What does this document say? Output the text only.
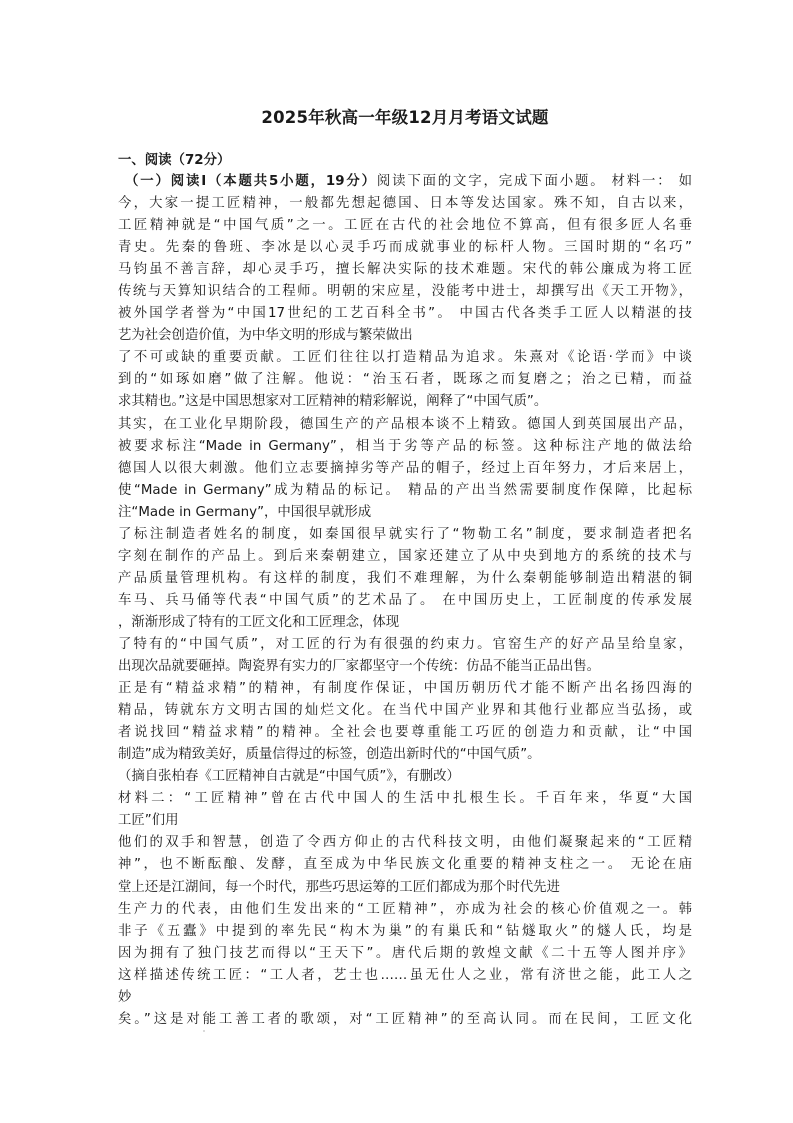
2025年秋高一年级12月月考语文试题
一、阅读（72分）
（一）阅读Ⅰ（本题共5小题，19分）阅读下面的文字，完成下面小题。 材料一： 如
今，大家一提工匠精神，一般都先想起德国、日本等发达国家。殊不知，自古以来，
工匠精神就是“中国气质”之一。工匠在古代的社会地位不算高，但有很多匠人名垂
青史。先秦的鲁班、李冰是以心灵手巧而成就事业的标杆人物。三国时期的“名巧”
马钧虽不善言辞，却心灵手巧，擅长解决实际的技术难题。宋代的韩公廉成为将工匠
传统与天算知识结合的工程师。明朝的宋应星，没能考中进士，却撰写出《天工开物》，
被外国学者誉为“中国17世纪的工艺百科全书”。 中国古代各类手工匠人以精湛的技
艺为社会创造价值，为中华文明的形成与繁荣做出
了不可或缺的重要贡献。工匠们往往以打造精品为追求。朱熹对《论语·学而》中谈
到的“如琢如磨”做了注解。他说：“治玉石者，既琢之而复磨之；治之已精，而益
求其精也。”这是中国思想家对工匠精神的精彩解说，阐释了“中国气质”。
其实，在工业化早期阶段，德国生产的产品根本谈不上精致。德国人到英国展出产品，
被要求标注“Made in Germany”，相当于劣等产品的标签。这种标注产地的做法给
德国人以很大刺激。他们立志要摘掉劣等产品的帽子，经过上百年努力，才后来居上，
使“Made in Germany”成为精品的标记。 精品的产出当然需要制度作保障，比起标
注“Made in Germany”，中国很早就形成
了标注制造者姓名的制度，如秦国很早就实行了“物勒工名”制度，要求制造者把名
字刻在制作的产品上。到后来秦朝建立，国家还建立了从中央到地方的系统的技术与
产品质量管理机构。有这样的制度，我们不难理解，为什么秦朝能够制造出精湛的铜
车马、兵马俑等代表“中国气质”的艺术品了。 在中国历史上，工匠制度的传承发展
，渐渐形成了特有的工匠文化和工匠理念，体现
了特有的“中国气质”，对工匠的行为有很强的约束力。官窑生产的好产品呈给皇家，
出现次品就要砸掉。陶瓷界有实力的厂家都坚守一个传统：仿品不能当正品出售。
正是有“精益求精”的精神，有制度作保证，中国历朝历代才能不断产出名扬四海的
精品，铸就东方文明古国的灿烂文化。在当代中国产业界和其他行业都应当弘扬，或
者说找回“精益求精”的精神。全社会也要尊重能工巧匠的创造力和贡献，让“中国
制造”成为精致美好，质量信得过的标签，创造出新时代的“中国气质”。
（摘自张柏春《工匠精神自古就是“中国气质”》，有删改）
材料二：“工匠精神”曾在古代中国人的生活中扎根生长。千百年来，华夏“大国
工匠”们用
他们的双手和智慧，创造了令西方仰止的古代科技文明，由他们凝聚起来的“工匠精
神”，也不断酝酿、发酵，直至成为中华民族文化重要的精神支柱之一。 无论在庙
堂上还是江湖间，每一个时代，那些巧思运筹的工匠们都成为那个时代先进
生产力的代表，由他们生发出来的“工匠精神”，亦成为社会的核心价值观之一。韩
非子《五蠹》中提到的率先民“构木为巢”的有巢氏和“钻燧取火”的燧人氏，均是
因为拥有了独门技艺而得以“王天下”。唐代后期的敦煌文献《二十五等人图并序》
这样描述传统工匠：“工人者，艺士也……虽无仕人之业，常有济世之能，此工人之
妙
矣。”这是对能工善工者的歌颂，对“工匠精神”的至高认同。而在民间，工匠文化
